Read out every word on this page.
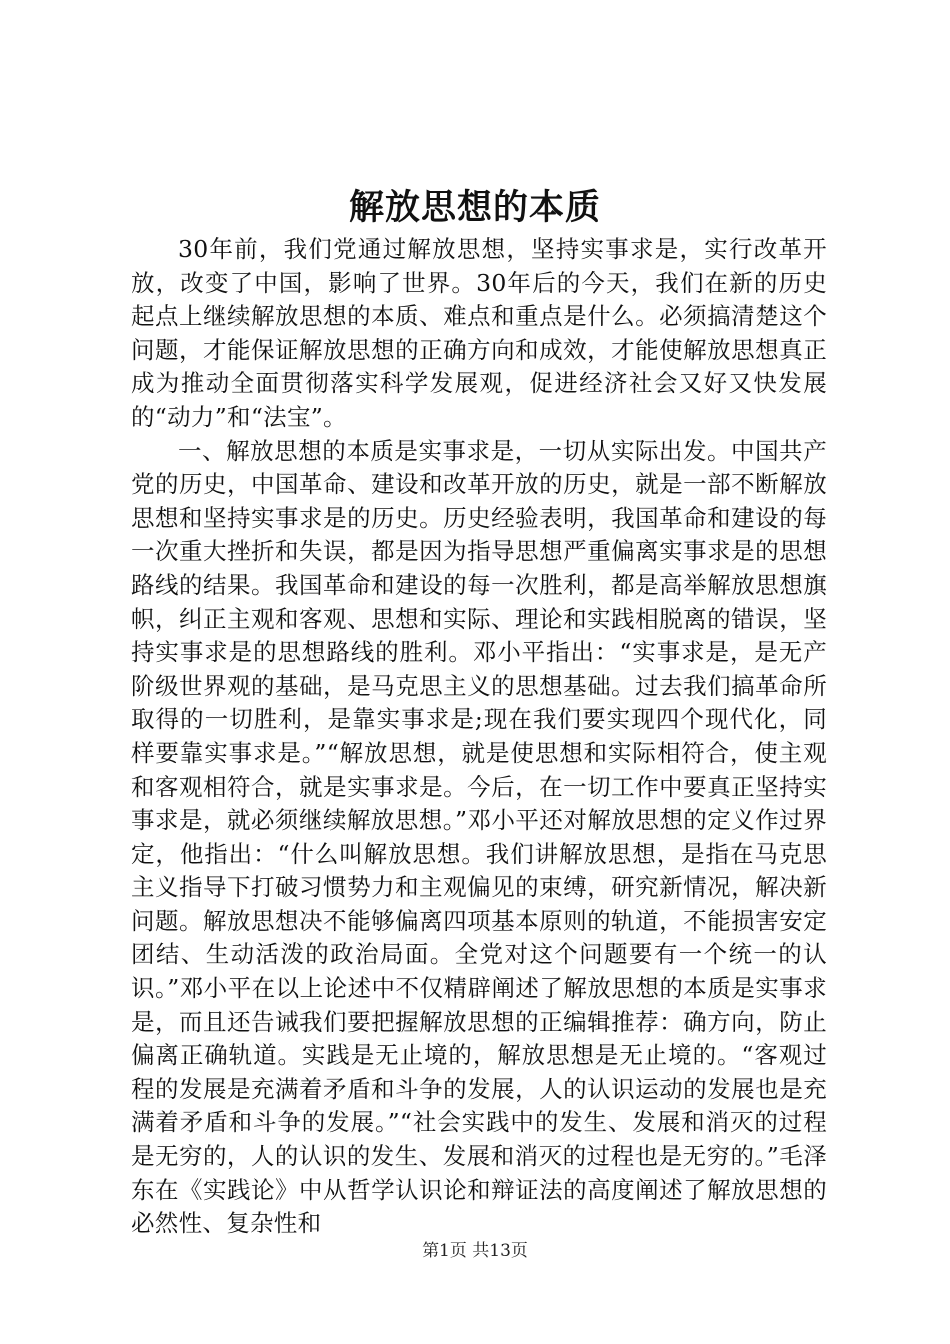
解放思想的本质

30年前，我们党通过解放思想，坚持实事求是，实行改革开放，改变了中国，影响了世界。30年后的今天，我们在新的历史起点上继续解放思想的本质、难点和重点是什么。必须搞清楚这个问题，才能保证解放思想的正确方向和成效，才能使解放思想真正成为推动全面贯彻落实科学发展观，促进经济社会又好又快发展的“动力”和“法宝”。

一、解放思想的本质是实事求是，一切从实际出发。中国共产党的历史，中国革命、建设和改革开放的历史，就是一部不断解放思想和坚持实事求是的历史。历史经验表明，我国革命和建设的每一次重大挫折和失误，都是因为指导思想严重偏离实事求是的思想路线的结果。我国革命和建设的每一次胜利，都是高举解放思想旗帜，纠正主观和客观、思想和实际、理论和实践相脱离的错误，坚持实事求是的思想路线的胜利。邓小平指出：“实事求是，是无产阶级世界观的基础，是马克思主义的思想基础。过去我们搞革命所取得的一切胜利，是靠实事求是;现在我们要实现四个现代化，同样要靠实事求是。”“解放思想，就是使思想和实际相符合，使主观和客观相符合，就是实事求是。今后，在一切工作中要真正坚持实事求是，就必须继续解放思想。”邓小平还对解放思想的定义作过界定，他指出：“什么叫解放思想。我们讲解放思想，是指在马克思主义指导下打破习惯势力和主观偏见的束缚，研究新情况，解决新问题。解放思想决不能够偏离四项基本原则的轨道，不能损害安定团结、生动活泼的政治局面。全党对这个问题要有一个统一的认识。”邓小平在以上论述中不仅精辟阐述了解放思想的本质是实事求是，而且还告诫我们要把握解放思想的正编辑推荐：确方向，防止偏离正确轨道。实践是无止境的，解放思想是无止境的。“客观过程的发展是充满着矛盾和斗争的发展，人的认识运动的发展也是充满着矛盾和斗争的发展。”“社会实践中的发生、发展和消灭的过程是无穷的，人的认识的发生、发展和消灭的过程也是无穷的。”毛泽东在《实践论》中从哲学认识论和辩证法的高度阐述了解放思想的必然性、复杂性和

第1页 共13页
